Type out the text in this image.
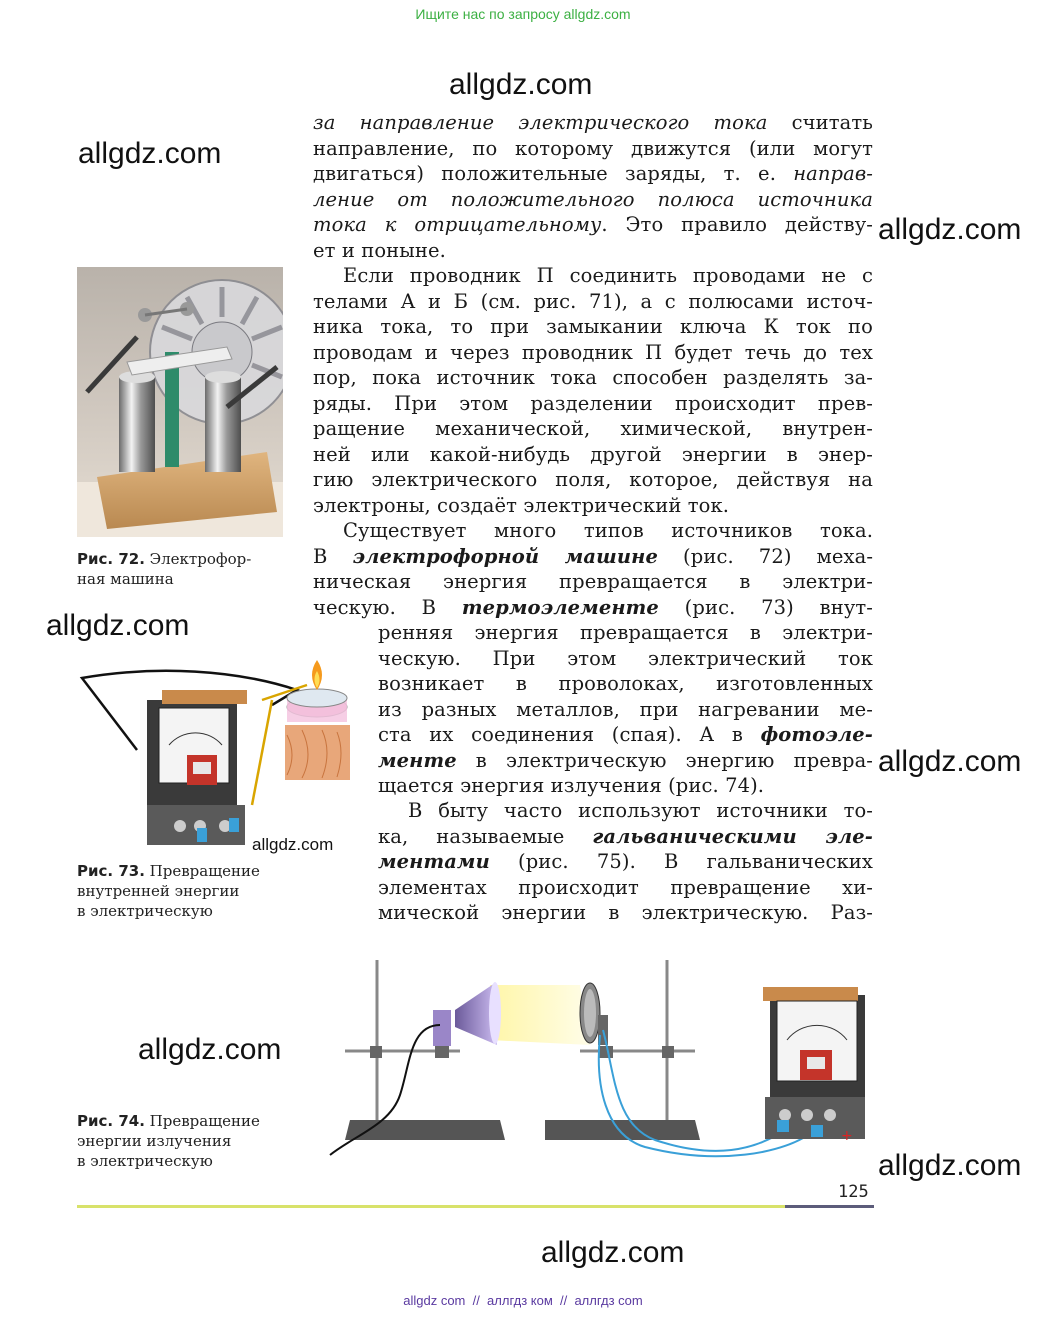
Ищите нас по запросу allgdz.com
allgdz.com
allgdz.com
allgdz.com
allgdz.com
allgdz.com
allgdz.com
allgdz.com
allgdz.com
за направление электрического тока считать
направление, по которому движутся (или могут
двигаться) положительные заряды, т. е. направ-
ление от положительного полюса источника
тока к отрицательному. Это правило действу-
ет и поныне.
Если проводник П соединить проводами не с
телами А и Б (см. рис. 71), а с полюсами источ-
ника тока, то при замыкании ключа К ток по
проводам и через проводник П будет течь до тех
пор, пока источник тока способен разделять за-
ряды. При этом разделении происходит прев-
ращение механической, химической, внутрен-
ней или какой-нибудь другой энергии в энер-
гию электрического поля, которое, действуя на
электроны, создаёт электрический ток.
Существует много типов источников тока.
В электрофорной машине (рис. 72) меха-
ническая энергия превращается в электри-
ческую. В термоэлементе (рис. 73) внут-
ренняя энергия превращается в электри-
ческую. При этом электрический ток
возникает в проволоках, изготовленных
из разных металлов, при нагревании ме-
ста их соединения (спая). А в фотоэле-
менте в электрическую энергию превра-
щается энергия излучения (рис. 74).
В быту часто используют источники то-
ка, называемые гальваническими эле-
ментами (рис. 75). В гальванических
элементах происходит превращение хи-
мической энергии в электрическую. Раз-
Рис. 72. Электрофор-
ная машина
allgdz.com
Рис. 73. Превращение
внутренней энергии
в электрическую
+
Рис. 74. Превращение
энергии излучения
в электрическую
125
allgdz com  //  аллгдз ком  //  аллгдз com
